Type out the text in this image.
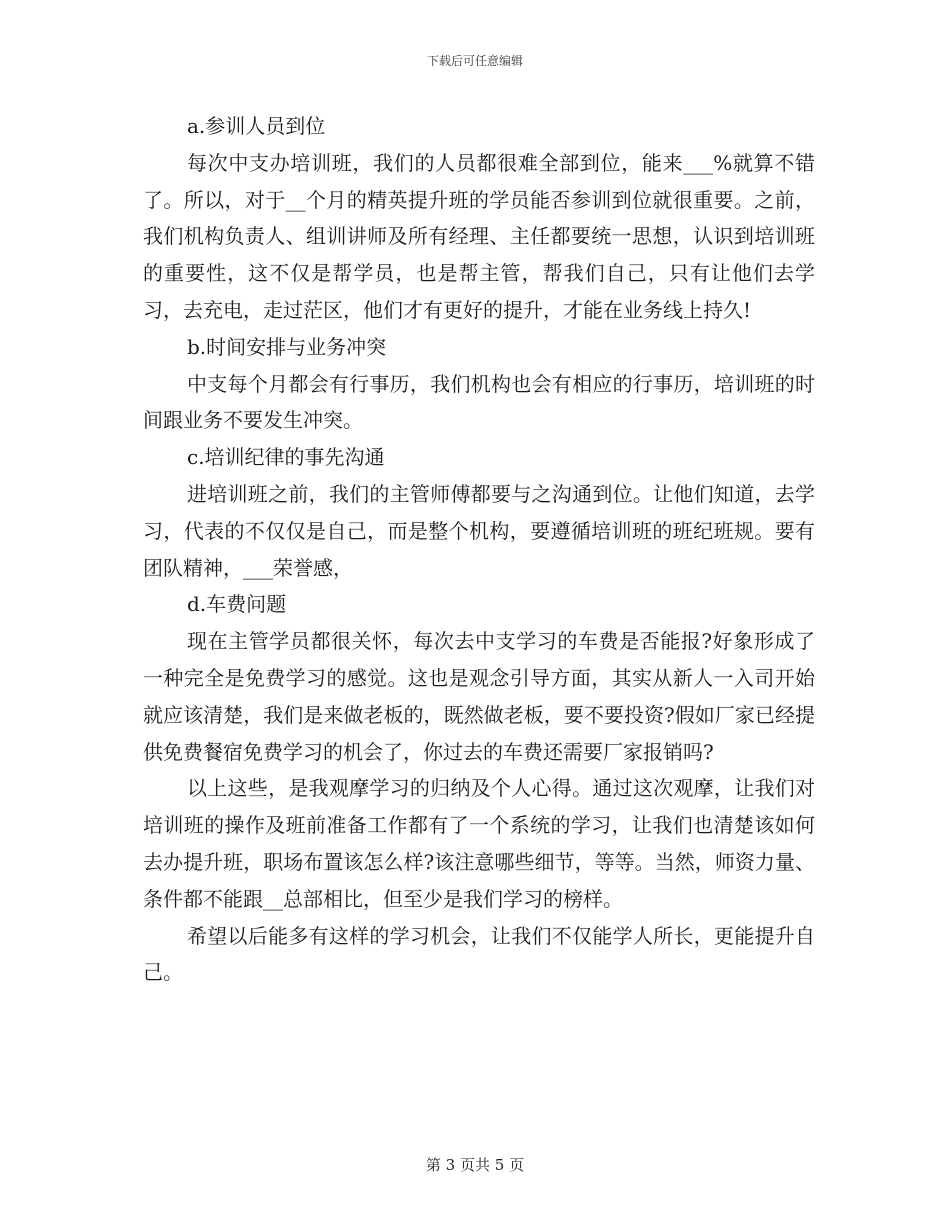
下载后可任意编辑

a.参训人员到位

每次中支办培训班，我们的人员都很难全部到位，能来___%就算不错了。所以，对于__个月的精英提升班的学员能否参训到位就很重要。之前，我们机构负责人、组训讲师及所有经理、主任都要统一思想，认识到培训班的重要性，这不仅是帮学员，也是帮主管，帮我们自己，只有让他们去学习，去充电，走过茫区，他们才有更好的提升，才能在业务线上持久!

b.时间安排与业务冲突

中支每个月都会有行事历，我们机构也会有相应的行事历，培训班的时间跟业务不要发生冲突。

c.培训纪律的事先沟通

进培训班之前，我们的主管师傅都要与之沟通到位。让他们知道，去学习，代表的不仅仅是自己，而是整个机构，要遵循培训班的班纪班规。要有团队精神，___荣誉感，

d.车费问题

现在主管学员都很关怀，每次去中支学习的车费是否能报?好象形成了一种完全是免费学习的感觉。这也是观念引导方面，其实从新人一入司开始就应该清楚，我们是来做老板的，既然做老板，要不要投资?假如厂家已经提供免费餐宿免费学习的机会了，你过去的车费还需要厂家报销吗?

以上这些，是我观摩学习的归纳及个人心得。通过这次观摩，让我们对培训班的操作及班前准备工作都有了一个系统的学习，让我们也清楚该如何去办提升班，职场布置该怎么样?该注意哪些细节，等等。当然，师资力量、条件都不能跟__总部相比，但至少是我们学习的榜样。

希望以后能多有这样的学习机会，让我们不仅能学人所长，更能提升自己。

第 3 页共 5 页
